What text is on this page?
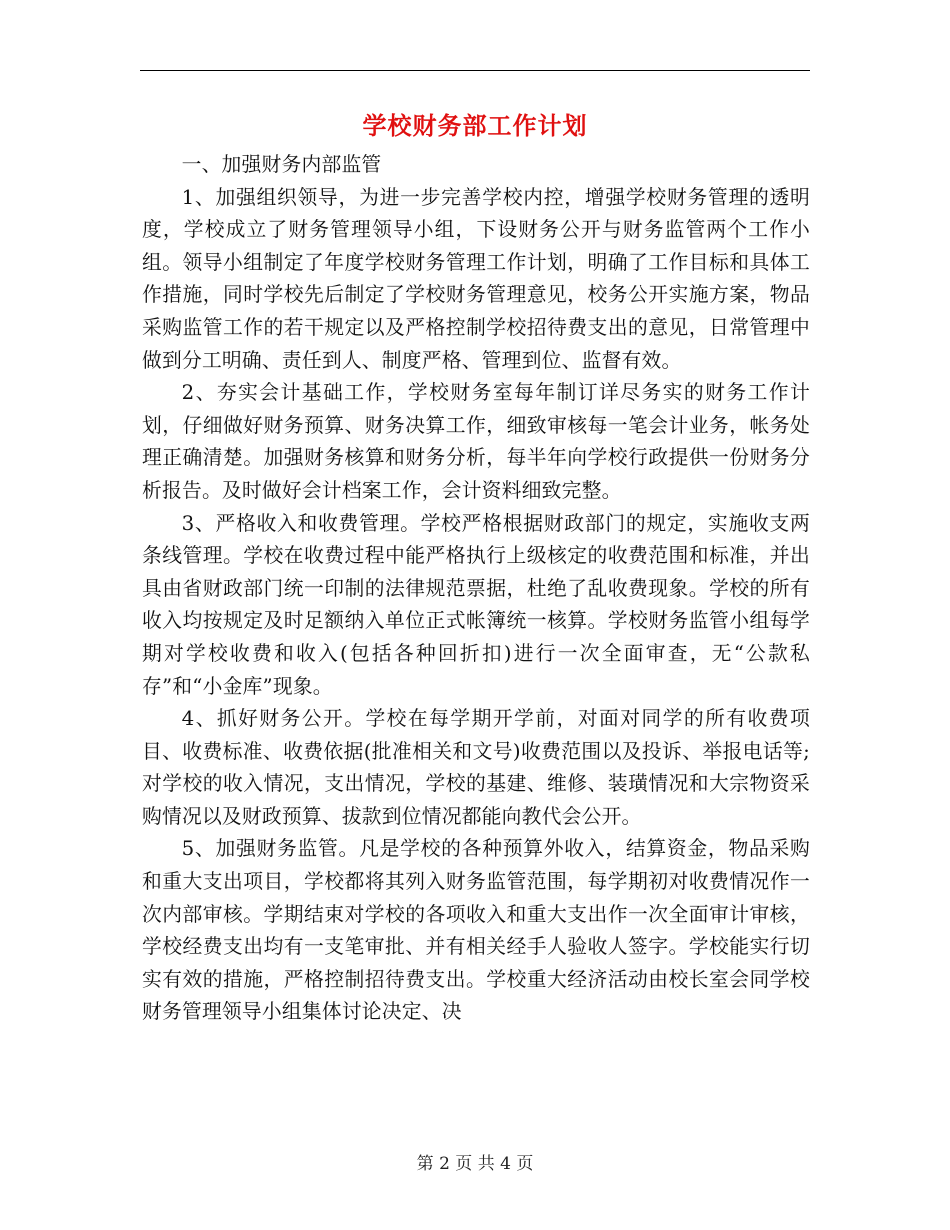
学校财务部工作计划

一、加强财务内部监管

1、加强组织领导，为进一步完善学校内控，增强学校财务管理的透明度，学校成立了财务管理领导小组，下设财务公开与财务监管两个工作小组。领导小组制定了年度学校财务管理工作计划，明确了工作目标和具体工作措施，同时学校先后制定了学校财务管理意见，校务公开实施方案，物品采购监管工作的若干规定以及严格控制学校招待费支出的意见，日常管理中做到分工明确、责任到人、制度严格、管理到位、监督有效。

2、夯实会计基础工作，学校财务室每年制订详尽务实的财务工作计划，仔细做好财务预算、财务决算工作，细致审核每一笔会计业务，帐务处理正确清楚。加强财务核算和财务分析，每半年向学校行政提供一份财务分析报告。及时做好会计档案工作，会计资料细致完整。

3、严格收入和收费管理。学校严格根据财政部门的规定，实施收支两条线管理。学校在收费过程中能严格执行上级核定的收费范围和标准，并出具由省财政部门统一印制的法律规范票据，杜绝了乱收费现象。学校的所有收入均按规定及时足额纳入单位正式帐簿统一核算。学校财务监管小组每学期对学校收费和收入(包括各种回折扣)进行一次全面审查，无“公款私存”和“小金库”现象。

4、抓好财务公开。学校在每学期开学前，对面对同学的所有收费项目、收费标准、收费依据(批准相关和文号)收费范围以及投诉、举报电话等;对学校的收入情况，支出情况，学校的基建、维修、装璜情况和大宗物资采购情况以及财政预算、拔款到位情况都能向教代会公开。

5、加强财务监管。凡是学校的各种预算外收入，结算资金，物品采购和重大支出项目，学校都将其列入财务监管范围，每学期初对收费情况作一次内部审核。学期结束对学校的各项收入和重大支出作一次全面审计审核，学校经费支出均有一支笔审批、并有相关经手人验收人签字。学校能实行切实有效的措施，严格控制招待费支出。学校重大经济活动由校长室会同学校财务管理领导小组集体讨论决定、决

第 2 页 共 4 页
